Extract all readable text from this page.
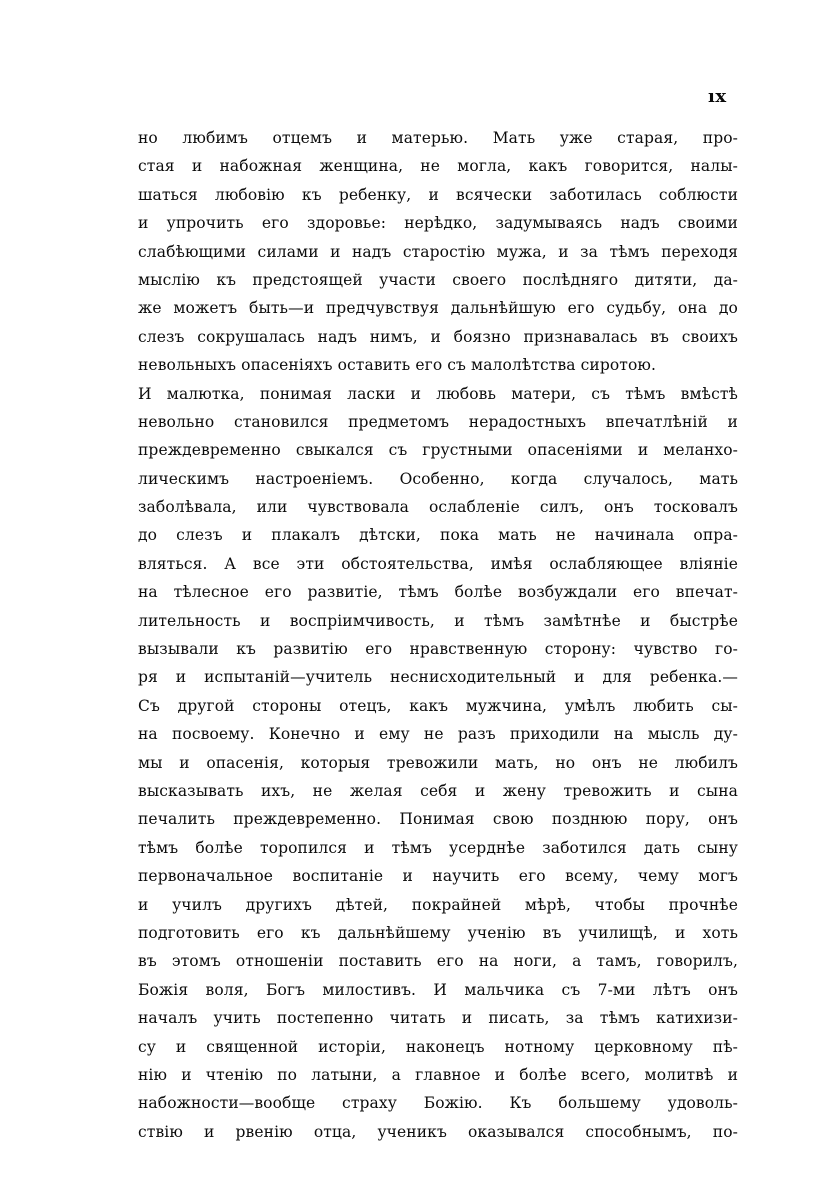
ıx
но любимъ отцемъ и матерью. Мать уже старая, про-
стая и набожная женщина, не могла, какъ говорится, налы-
шаться любовію къ ребенку, и всячески заботилась соблюсти
и упрочить его здоровье: нерѣдко, задумываясь надъ своими
слабѣющими силами и надъ старостію мужа, и за тѣмъ переходя
мыслію къ предстоящей участи своего послѣдняго дитяти, да-
же можетъ быть—и предчувствуя дальнѣйшую его судьбу, она до
слезъ сокрушалась надъ нимъ, и боязно признавалась въ своихъ
невольныхъ опасеніяхъ оставить его съ малолѣтства сиротою.
И малютка, понимая ласки и любовь матери, съ тѣмъ вмѣстѣ
невольно становился предметомъ нерадостныхъ впечатлѣній и
преждевременно свыкался съ грустными опасеніями и меланхо-
лическимъ настроеніемъ. Особенно, когда случалось, мать
заболѣвала, или чувствовала ослабленіе силъ, онъ тосковалъ
до слезъ и плакалъ дѣтски, пока мать не начинала опра-
вляться. А все эти обстоятельства, имѣя ослабляющее вліяніе
на тѣлесное его развитіе, тѣмъ болѣе возбуждали его впечат-
лительность и воспріимчивость, и тѣмъ замѣтнѣе и быстрѣе
вызывали къ развитію его нравственную сторону: чувство го-
ря и испытаній—учитель неснисходительный и для ребенка.—
Съ другой стороны отецъ, какъ мужчина, умѣлъ любить сы-
на посвоему. Конечно и ему не разъ приходили на мысль ду-
мы и опасенія, которыя тревожили мать, но онъ не любилъ
высказывать ихъ, не желая себя и жену тревожить и сына
печалить преждевременно. Понимая свою позднюю пору, онъ
тѣмъ болѣе торопился и тѣмъ усерднѣе заботился дать сыну
первоначальное воспитаніе и научить его всему, чему могъ
и училъ другихъ дѣтей, покрайней мѣрѣ, чтобы прочнѣе
подготовить его къ дальнѣйшему ученію въ училищѣ, и хоть
въ этомъ отношеніи поставить его на ноги, а тамъ, говорилъ,
Божія воля, Богъ милостивъ. И мальчика съ 7-ми лѣтъ онъ
началъ учить постепенно читать и писать, за тѣмъ катихизи-
су и священной исторіи, наконецъ нотному церковному пѣ-
нію и чтенію по латыни, а главное и болѣе всего, молитвѣ и
набожности—вообще страху Божію. Къ большему удоволь-
ствію и рвенію отца, ученикъ оказывался способнымъ, по-
